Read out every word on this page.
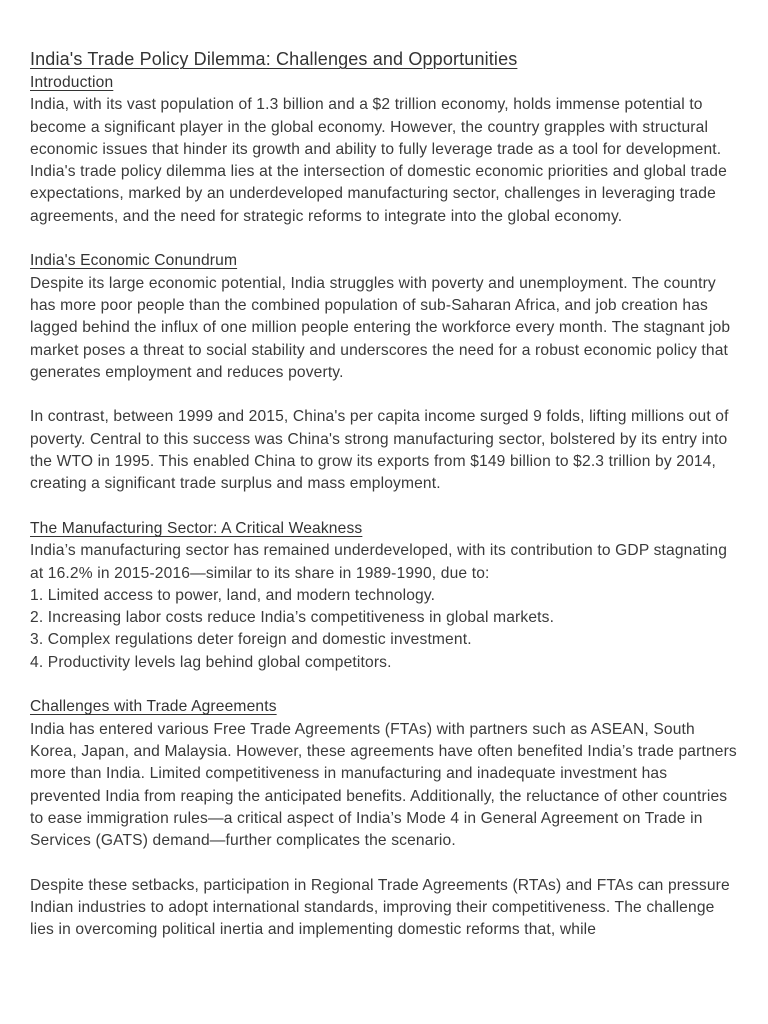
India's Trade Policy Dilemma: Challenges and Opportunities
Introduction

India, with its vast population of 1.3 billion and a $2 trillion economy, holds immense potential to become a significant player in the global economy. However, the country grapples with structural economic issues that hinder its growth and ability to fully leverage trade as a tool for development. India's trade policy dilemma lies at the intersection of domestic economic priorities and global trade expectations, marked by an underdeveloped manufacturing sector, challenges in leveraging trade agreements, and the need for strategic reforms to integrate into the global economy.

India's Economic Conundrum

Despite its large economic potential, India struggles with poverty and unemployment. The country has more poor people than the combined population of sub-Saharan Africa, and job creation has lagged behind the influx of one million people entering the workforce every month. The stagnant job market poses a threat to social stability and underscores the need for a robust economic policy that generates employment and reduces poverty.

In contrast, between 1999 and 2015, China's per capita income surged 9 folds, lifting millions out of poverty. Central to this success was China's strong manufacturing sector, bolstered by its entry into the WTO in 1995. This enabled China to grow its exports from $149 billion to $2.3 trillion by 2014, creating a significant trade surplus and mass employment.

The Manufacturing Sector: A Critical Weakness

India’s manufacturing sector has remained underdeveloped, with its contribution to GDP stagnating at 16.2% in 2015-2016—similar to its share in 1989-1990, due to:

1. Limited access to power, land, and modern technology.

2. Increasing labor costs reduce India’s competitiveness in global markets.

3. Complex regulations deter foreign and domestic investment.

4. Productivity levels lag behind global competitors.

Challenges with Trade Agreements

India has entered various Free Trade Agreements (FTAs) with partners such as ASEAN, South Korea, Japan, and Malaysia. However, these agreements have often benefited India’s trade partners more than India. Limited competitiveness in manufacturing and inadequate investment has prevented India from reaping the anticipated benefits. Additionally, the reluctance of other countries to ease immigration rules—a critical aspect of India’s Mode 4 in General Agreement on Trade in Services (GATS) demand—further complicates the scenario.

Despite these setbacks, participation in Regional Trade Agreements (RTAs) and FTAs can pressure Indian industries to adopt international standards, improving their competitiveness. The challenge lies in overcoming political inertia and implementing domestic reforms that, while
